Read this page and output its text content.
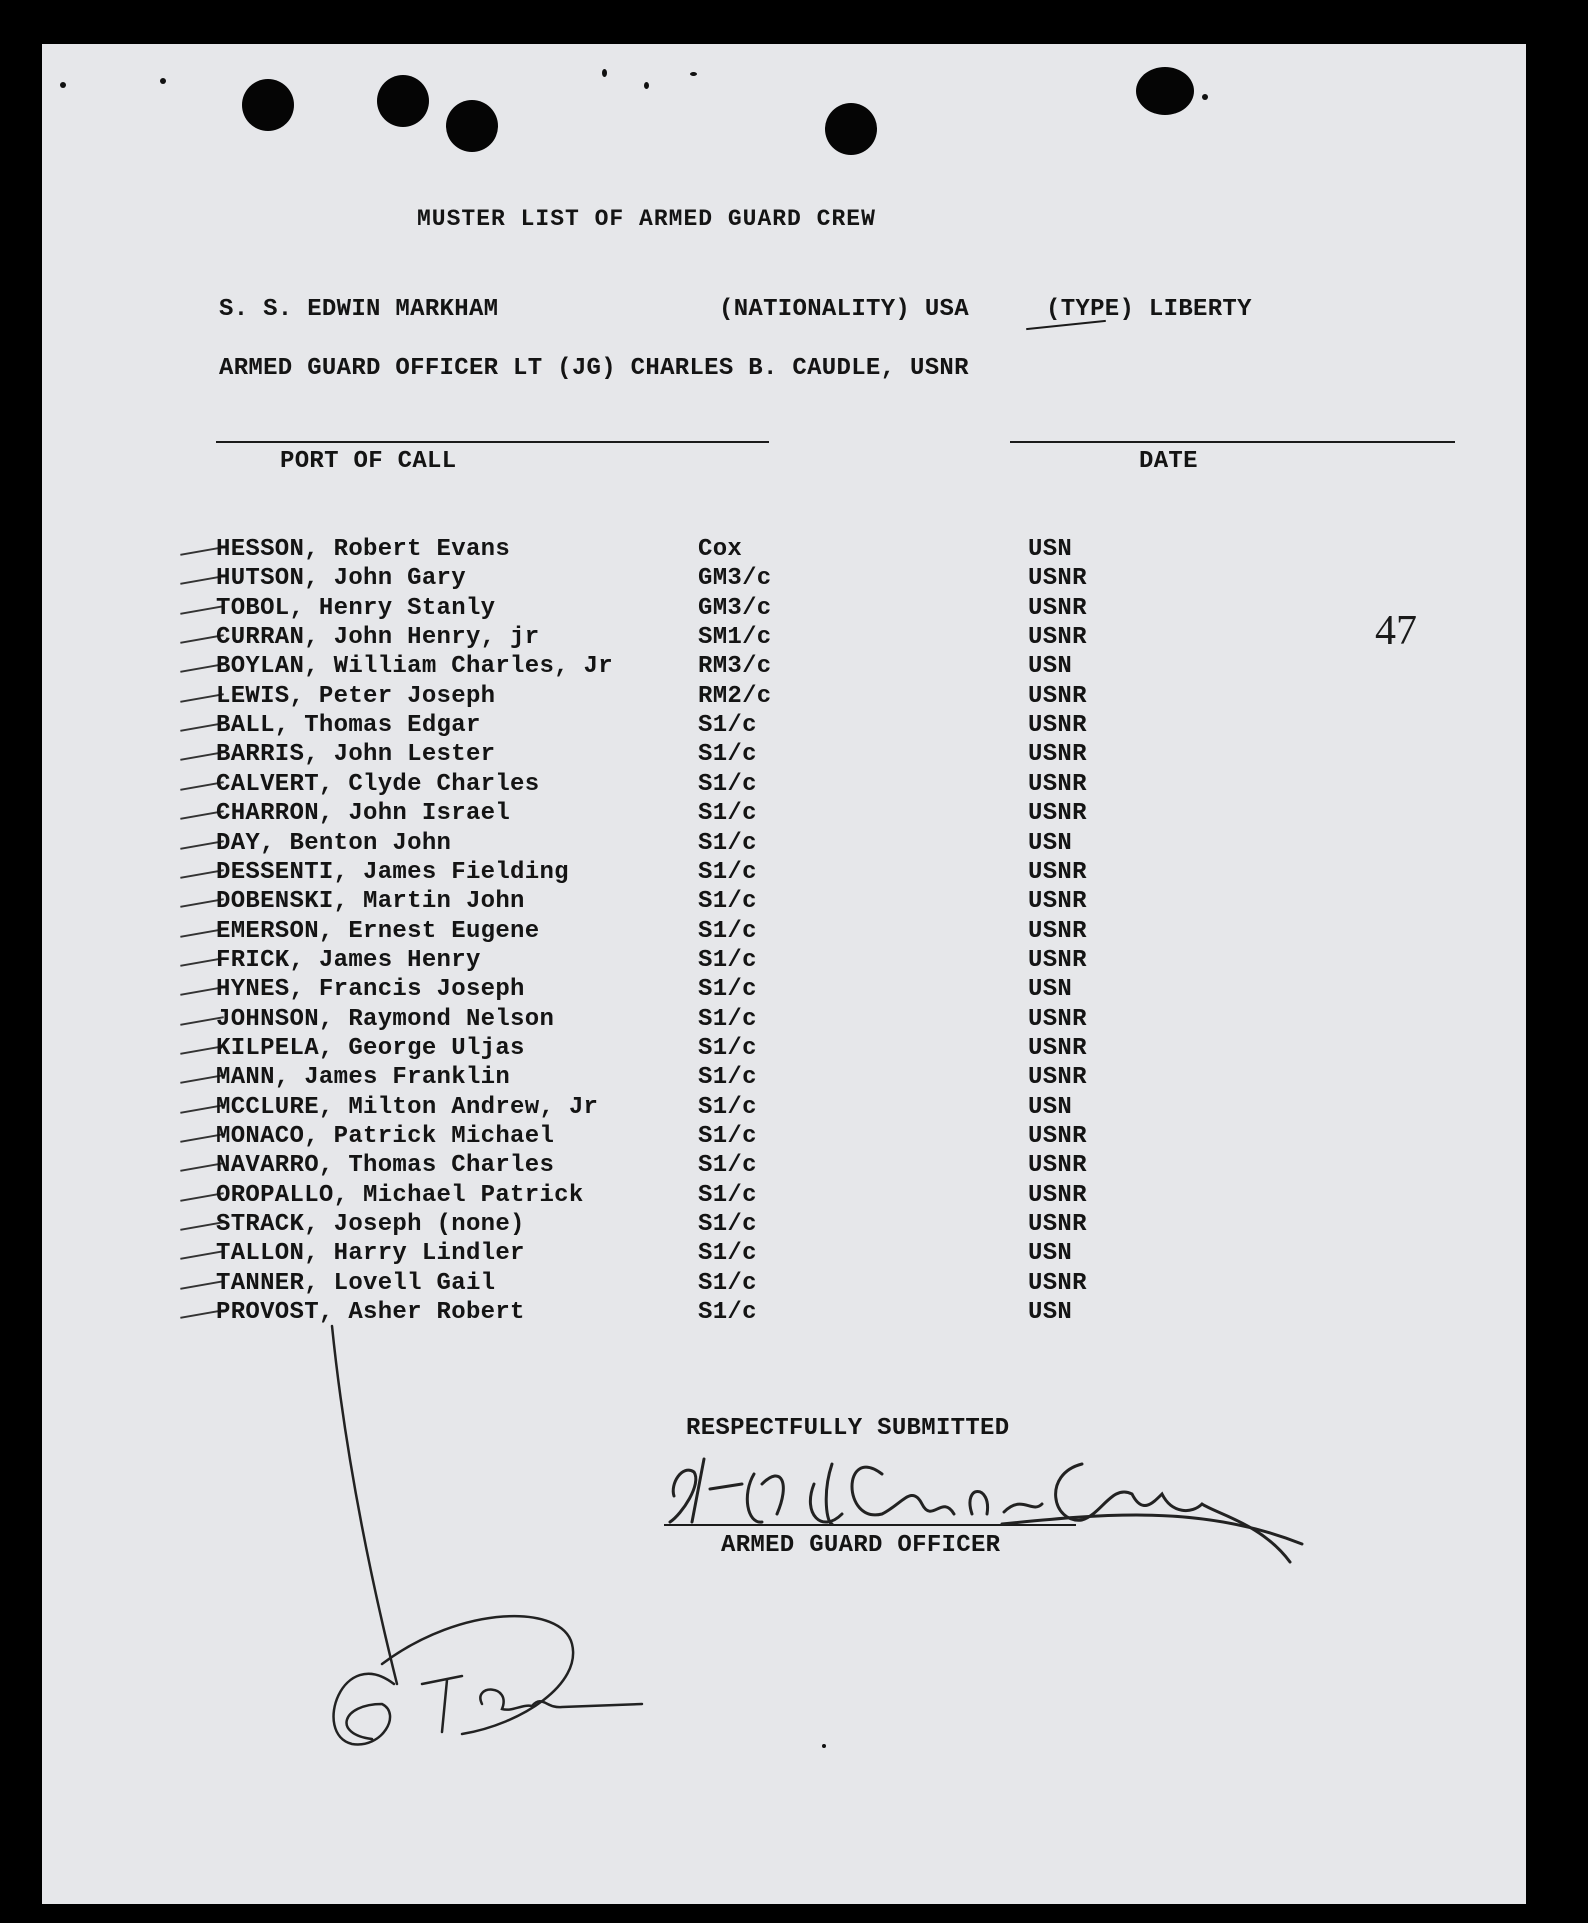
MUSTER LIST OF ARMED GUARD CREW
S. S. EDWIN MARKHAM	(NATIONALITY) USA	(TYPE) LIBERTY
ARMED GUARD OFFICER LT (JG) CHARLES B. CAUDLE, USNR
PORT OF CALL	DATE
47
HESSON, Robert Evans	Cox	USN
HUTSON, John Gary	GM3/c	USNR
TOBOL, Henry Stanly	GM3/c	USNR
CURRAN, John Henry, jr	SM1/c	USNR
BOYLAN, William Charles, Jr	RM3/c	USN
LEWIS, Peter Joseph	RM2/c	USNR
BALL, Thomas Edgar	S1/c	USNR
BARRIS, John Lester	S1/c	USNR
CALVERT, Clyde Charles	S1/c	USNR
CHARRON, John Israel	S1/c	USNR
DAY, Benton John	S1/c	USN
DESSENTI, James Fielding	S1/c	USNR
DOBENSKI, Martin John	S1/c	USNR
EMERSON, Ernest Eugene	S1/c	USNR
FRICK, James Henry	S1/c	USNR
HYNES, Francis Joseph	S1/c	USN
JOHNSON, Raymond Nelson	S1/c	USNR
KILPELA, George Uljas	S1/c	USNR
MANN, James Franklin	S1/c	USNR
MCCLURE, Milton Andrew, Jr	S1/c	USN
MONACO, Patrick Michael	S1/c	USNR
NAVARRO, Thomas Charles	S1/c	USNR
OROPALLO, Michael Patrick	S1/c	USNR
STRACK, Joseph (none)	S1/c	USNR
TALLON, Harry Lindler	S1/c	USN
TANNER, Lovell Gail	S1/c	USNR
PROVOST, Asher Robert	S1/c	USN
RESPECTFULLY SUBMITTED
ARMED GUARD OFFICER
